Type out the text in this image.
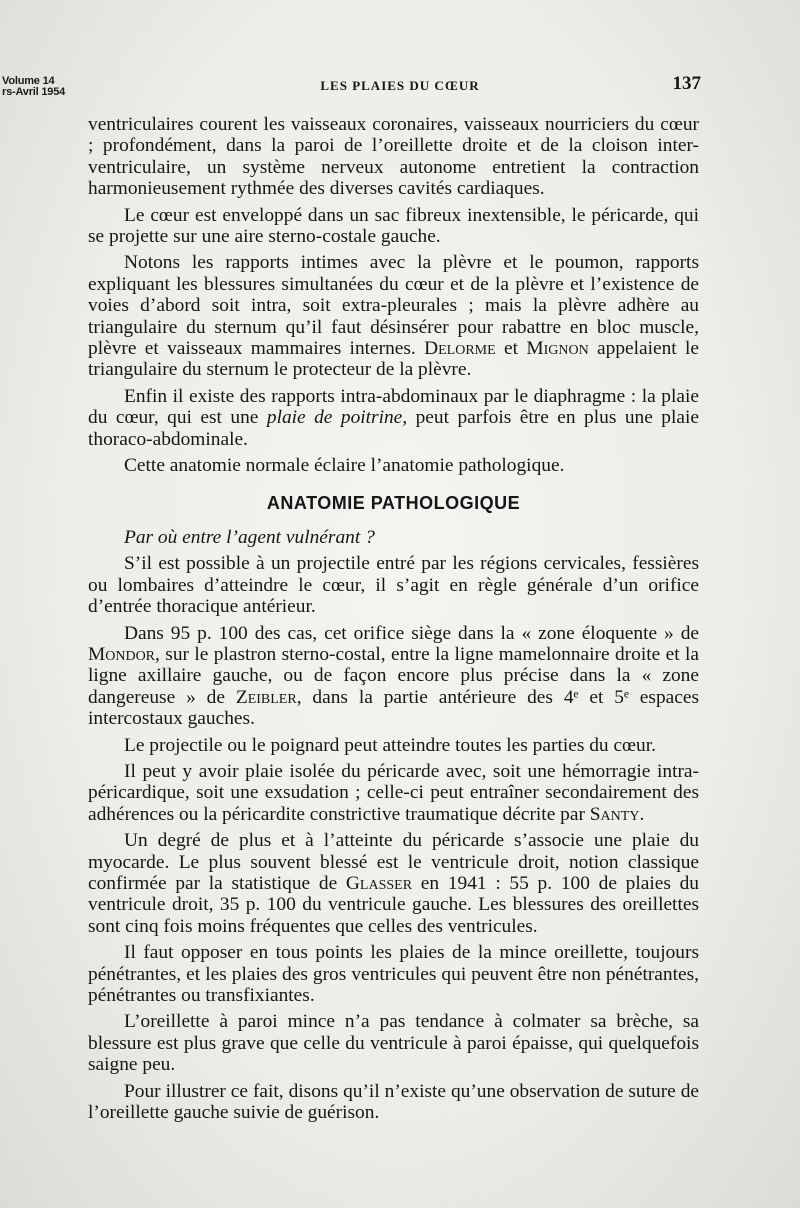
Volume 14
rs-Avril 1954	LES PLAIES DU CŒUR	137

ventriculaires courent les vaisseaux coronaires, vaisseaux nourriciers du cœur ; profondément, dans la paroi de l’oreillette droite et de la cloison inter-ventriculaire, un système nerveux autonome entretient la contraction harmonieusement rythmée des diverses cavités cardiaques.

Le cœur est enveloppé dans un sac fibreux inextensible, le péricarde, qui se projette sur une aire sterno-costale gauche.

Notons les rapports intimes avec la plèvre et le poumon, rapports expliquant les blessures simultanées du cœur et de la plèvre et l’existence de voies d’abord soit intra, soit extra-pleurales ; mais la plèvre adhère au triangulaire du sternum qu’il faut désinsérer pour rabattre en bloc muscle, plèvre et vaisseaux mammaires internes. Delorme et Mignon appelaient le triangulaire du sternum le protecteur de la plèvre.

Enfin il existe des rapports intra-abdominaux par le diaphragme : la plaie du cœur, qui est une plaie de poitrine, peut parfois être en plus une plaie thoraco-abdominale.

Cette anatomie normale éclaire l’anatomie pathologique.

ANATOMIE PATHOLOGIQUE

Par où entre l’agent vulnérant ?

S’il est possible à un projectile entré par les régions cervicales, fessières ou lombaires d’atteindre le cœur, il s’agit en règle générale d’un orifice d’entrée thoracique antérieur.

Dans 95 p. 100 des cas, cet orifice siège dans la « zone éloquente » de Mondor, sur le plastron sterno-costal, entre la ligne mamelonnaire droite et la ligne axillaire gauche, ou de façon encore plus précise dans la « zone dangereuse » de Zeibler, dans la partie antérieure des 4ᵉ et 5ᵉ espaces intercostaux gauches.

Le projectile ou le poignard peut atteindre toutes les parties du cœur.

Il peut y avoir plaie isolée du péricarde avec, soit une hémorragie intra-péricardique, soit une exsudation ; celle-ci peut entraîner secondairement des adhérences ou la péricardite constrictive traumatique décrite par Santy.

Un degré de plus et à l’atteinte du péricarde s’associe une plaie du myocarde. Le plus souvent blessé est le ventricule droit, notion classique confirmée par la statistique de Glasser en 1941 : 55 p. 100 de plaies du ventricule droit, 35 p. 100 du ventricule gauche. Les blessures des oreillettes sont cinq fois moins fréquentes que celles des ventricules.

Il faut opposer en tous points les plaies de la mince oreillette, toujours pénétrantes, et les plaies des gros ventricules qui peuvent être non pénétrantes, pénétrantes ou transfixiantes.

L’oreillette à paroi mince n’a pas tendance à colmater sa brèche, sa blessure est plus grave que celle du ventricule à paroi épaisse, qui quelquefois saigne peu.

Pour illustrer ce fait, disons qu’il n’existe qu’une observation de suture de l’oreillette gauche suivie de guérison.
